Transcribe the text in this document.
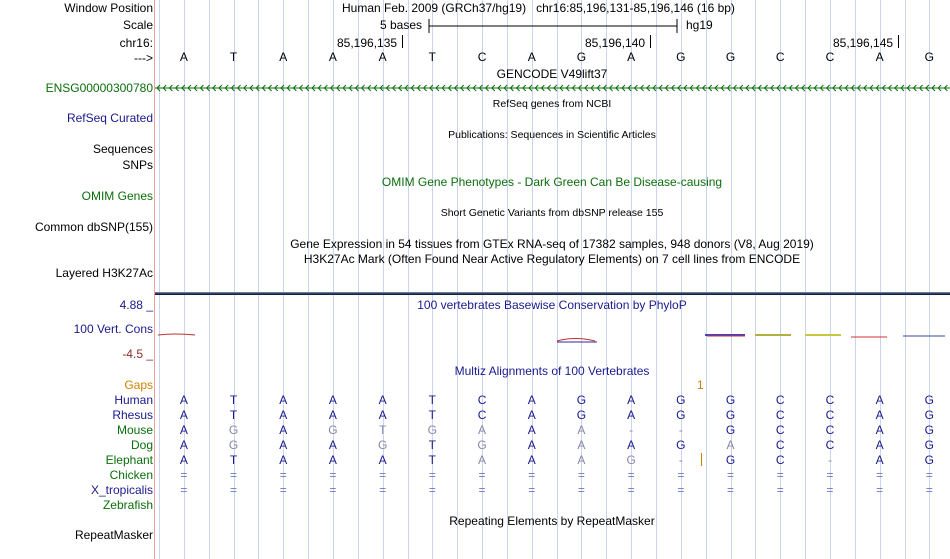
Window Position	Human Feb. 2009 (GRCh37/hg19)   chr16:85,196,131-85,196,146 (16 bp)
Scale	5 bases	hg19
chr16:	85,196,135	85,196,140	85,196,145
--->	A	T	A	A	A	T	C	A	G	A	G	G	C	C	A	G
GENCODE V49lift37
ENSG00000300780
RefSeq genes from NCBI
RefSeq Curated
Publications: Sequences in Scientific Articles
Sequences
SNPs
OMIM Gene Phenotypes - Dark Green Can Be Disease-causing
OMIM Genes
Short Genetic Variants from dbSNP release 155
Common dbSNP(155)
Gene Expression in 54 tissues from GTEx RNA-seq of 17382 samples, 948 donors (V8, Aug 2019)
H3K27Ac Mark (Often Found Near Active Regulatory Elements) on 7 cell lines from ENCODE
Layered H3K27Ac
100 vertebrates Basewise Conservation by PhyloP
4.88 _
100 Vert. Cons
-4.5 _
Multiz Alignments of 100 Vertebrates
Gaps	1
Human	A	T	A	A	A	T	C	A	G	A	G	G	C	C	A	G
Rhesus	A	T	A	A	A	T	C	A	G	A	G	G	C	C	A	G
Mouse	A	G	A	G	T	G	A	A	A	-	-	G	C	C	A	G
Dog	A	G	A	A	G	T	G	A	A	A	G	A	C	C	A	G
Elephant	A	T	A	A	A	T	A	A	A	G	-	G	C	-	A	G
Chicken	=	=	=	=	=	=	=	=	=	=	=	=	=	=	=	=
X_tropicalis	=	=	=	=	=	=	=	=	=	=	=	=	=	=	=	=
Zebrafish
Repeating Elements by RepeatMasker
RepeatMasker
